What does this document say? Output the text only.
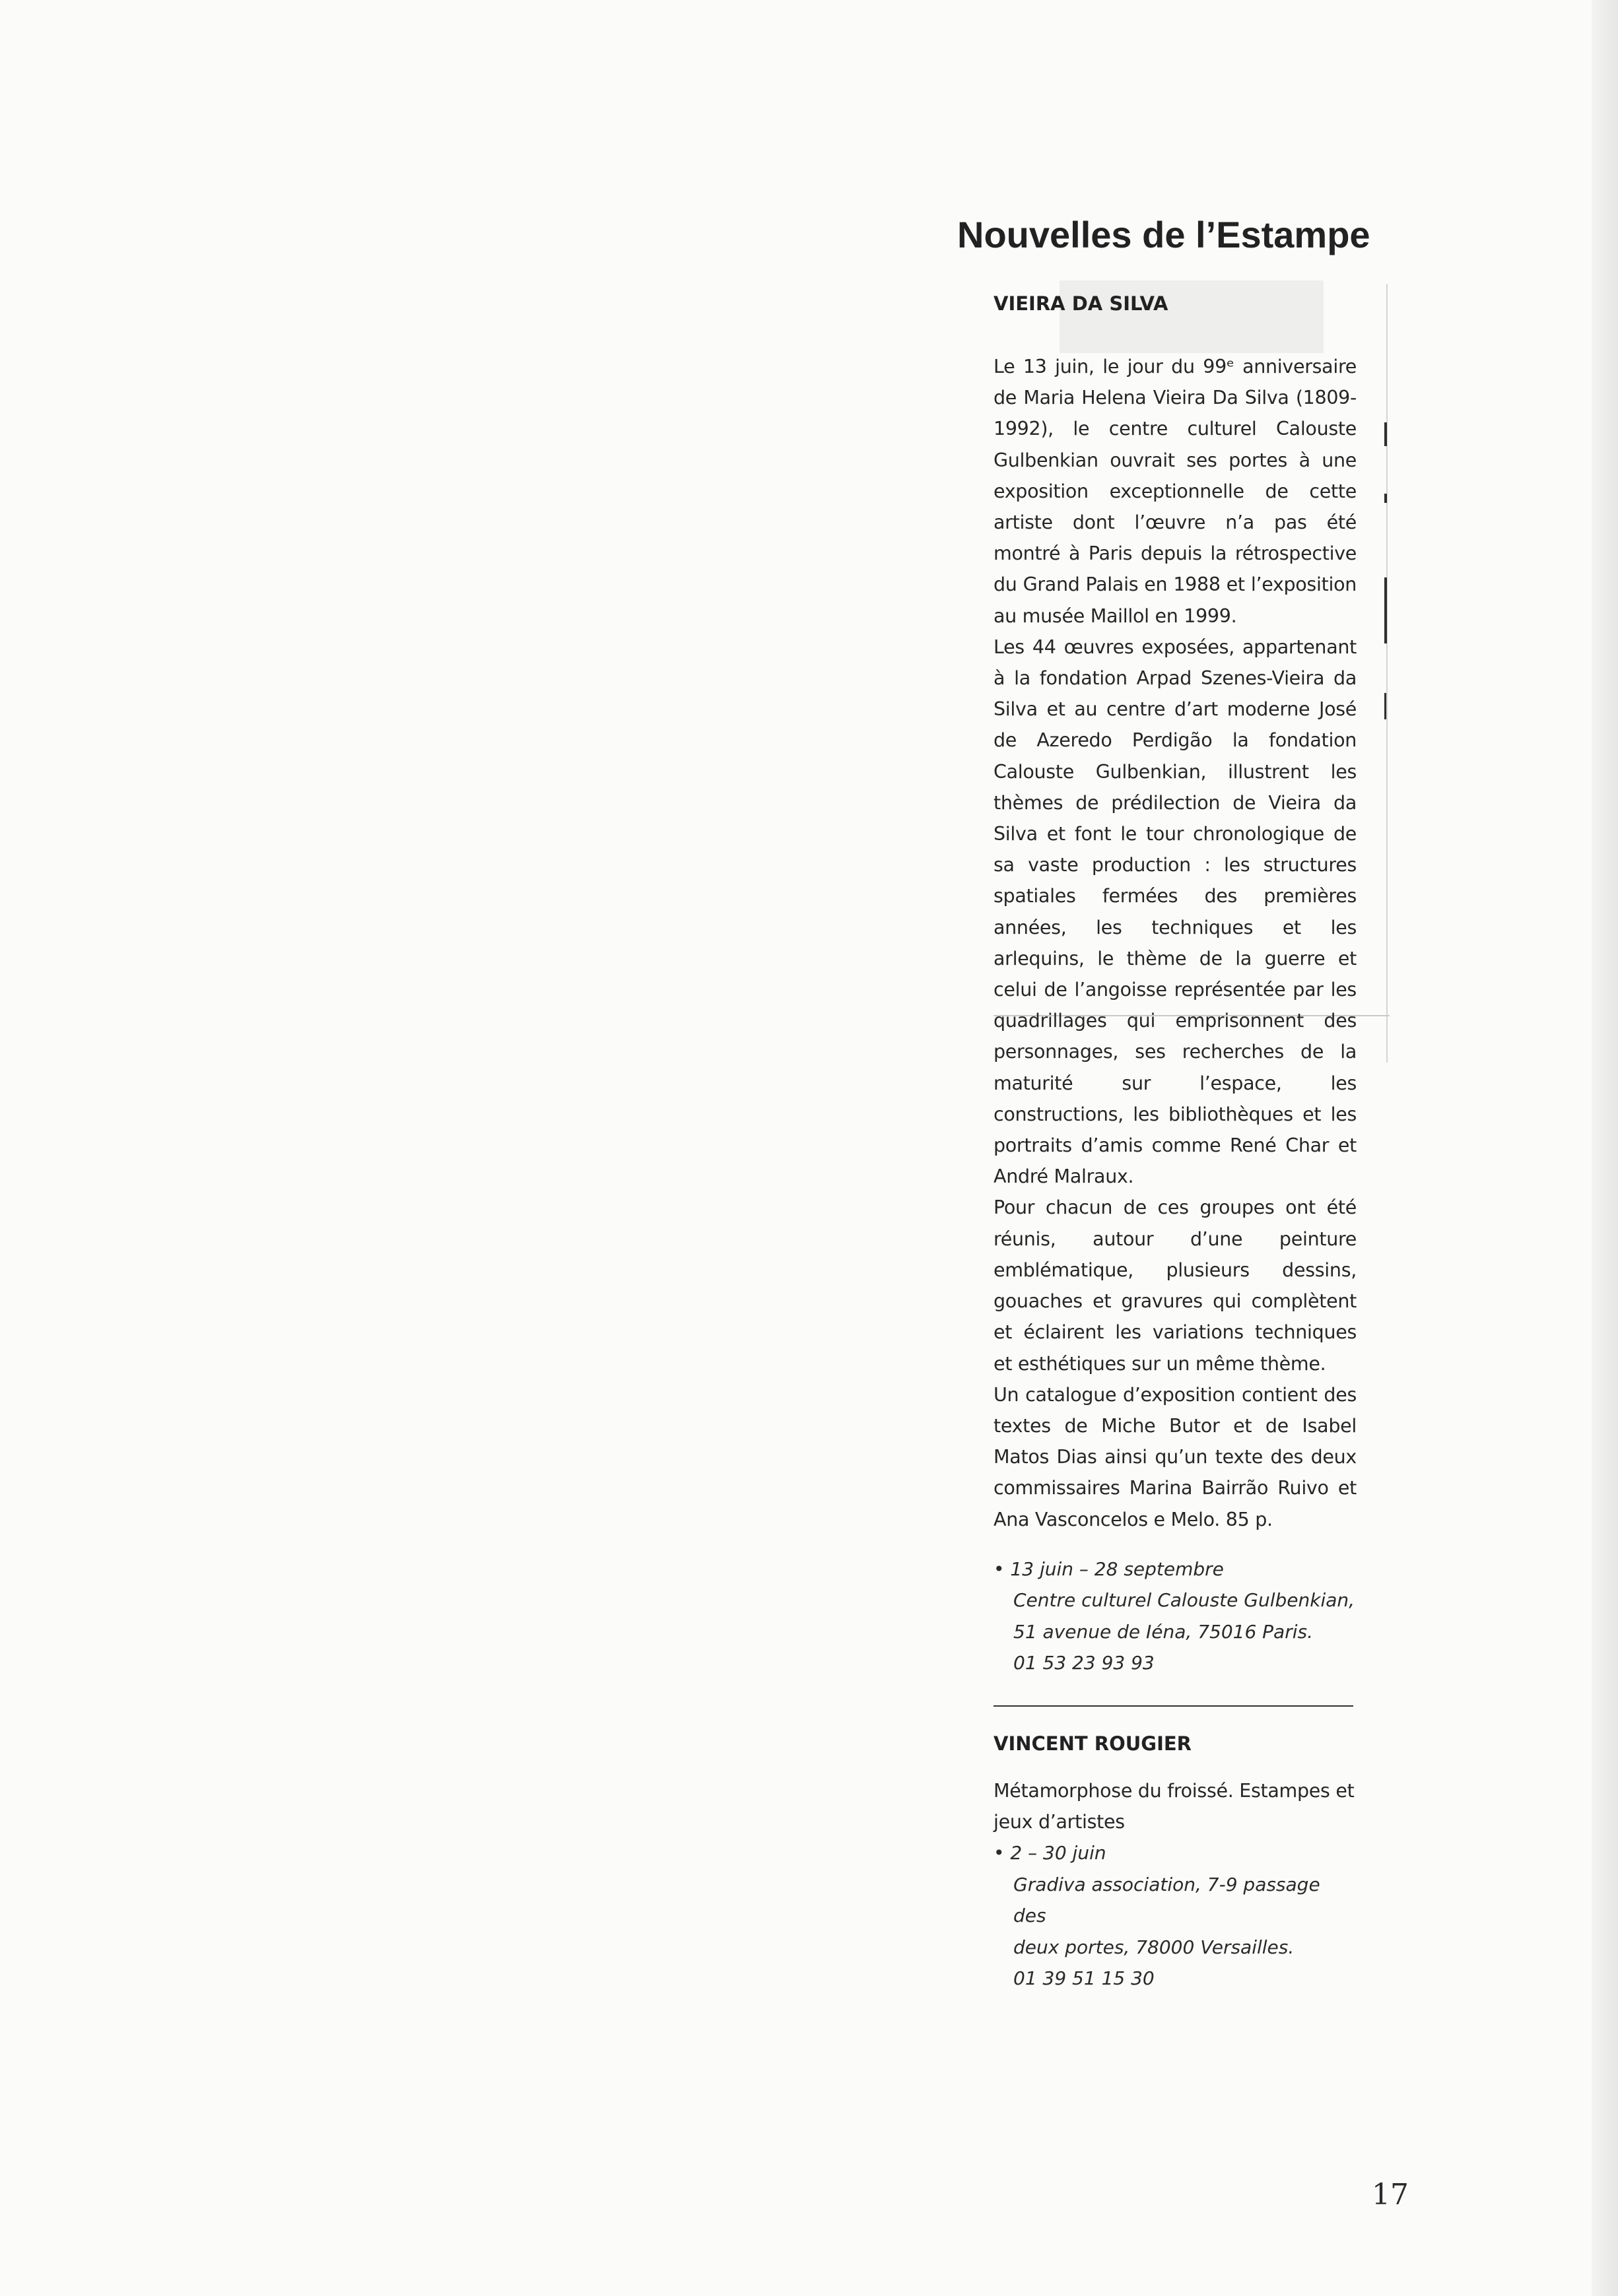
Nouvelles de l’Estampe
VIEIRA DA SILVA

Le 13 juin, le jour du 99ᵉ anniversaire de Maria Helena Vieira Da Silva (1809-1992), le centre culturel Calouste Gulbenkian ouvrait ses portes à une exposition exceptionnelle de cette artiste dont l’œuvre n’a pas été montré à Paris depuis la rétrospective du Grand Palais en 1988 et l’exposition au musée Maillol en 1999.

Les 44 œuvres exposées, appartenant à la fondation Arpad Szenes-Vieira da Silva et au centre d’art moderne José de Azeredo Perdigão la fondation Calouste Gulbenkian, illustrent les thèmes de prédilection de Vieira da Silva et font le tour chronologique de sa vaste production : les structures spatiales fermées des premières années, les techniques et les arlequins, le thème de la guerre et celui de l’angoisse représentée par les quadrillages qui emprisonnent des personnages, ses recherches de la maturité sur l’espace, les constructions, les bibliothèques et les portraits d’amis comme René Char et André Malraux.

Pour chacun de ces groupes ont été réunis, autour d’une peinture emblématique, plusieurs dessins, gouaches et gravures qui complètent et éclairent les variations techniques et esthétiques sur un même thème.

Un catalogue d’exposition contient des textes de Miche Butor et de Isabel Matos Dias ainsi qu’un texte des deux commissaires Marina Bairrão Ruivo et Ana Vasconcelos e Melo. 85 p.

• 13 juin – 28 septembre
Centre culturel Calouste Gulbenkian,
51 avenue de Iéna, 75016 Paris.
01 53 23 93 93
VINCENT ROUGIER

Métamorphose du froissé. Estampes et jeux d’artistes

• 2 – 30 juin
Gradiva association, 7-9 passage des
deux portes, 78000 Versailles.
01 39 51 15 30
17
